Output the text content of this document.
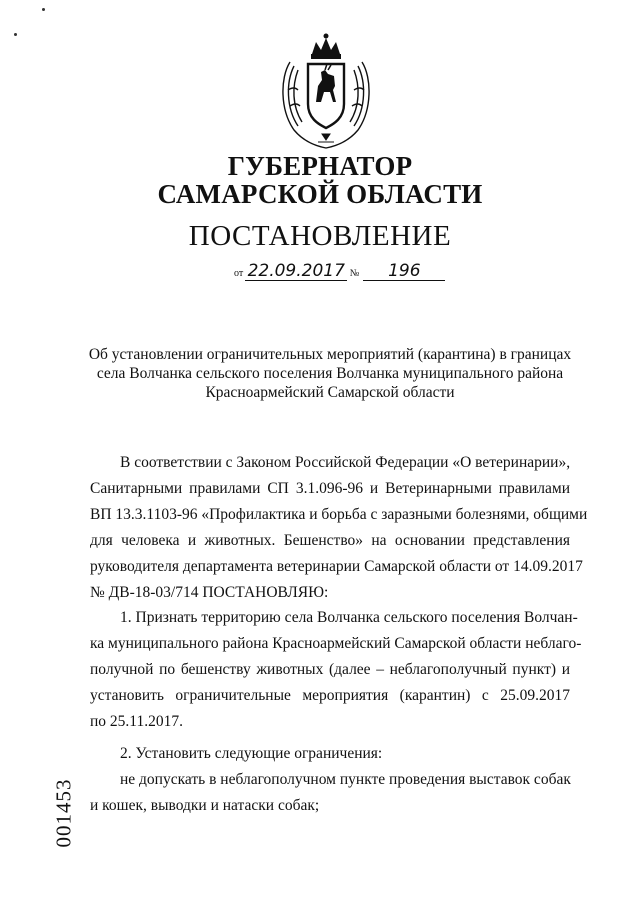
ГУБЕРНАТОР
САМАРСКОЙ ОБЛАСТИ
ПОСТАНОВЛЕНИЕ
от 22.09.2017 № 196
Об установлении ограничительных мероприятий (карантина) в границах
села Волчанка сельского поселения Волчанка муниципального района
Красноармейский Самарской области
В соответствии с Законом Российской Федерации «О ветеринарии»,
Санитарными правилами СП 3.1.096-96 и Ветеринарными правилами
ВП 13.3.1103-96 «Профилактика и борьба с заразными болезнями, общими
для человека и животных. Бешенство» на основании представления
руководителя департамента ветеринарии Самарской области от 14.09.2017
№ ДВ-18-03/714 ПОСТАНОВЛЯЮ:
1. Признать территорию села Волчанка сельского поселения Волчан-
ка муниципального района Красноармейский Самарской области неблаго-
получной по бешенству животных (далее – неблагополучный пункт) и
установить ограничительные мероприятия (карантин) с 25.09.2017
по 25.11.2017.
2. Установить следующие ограничения:
не допускать в неблагополучном пункте проведения выставок собак
и кошек, выводки и натаски собак;
001453
